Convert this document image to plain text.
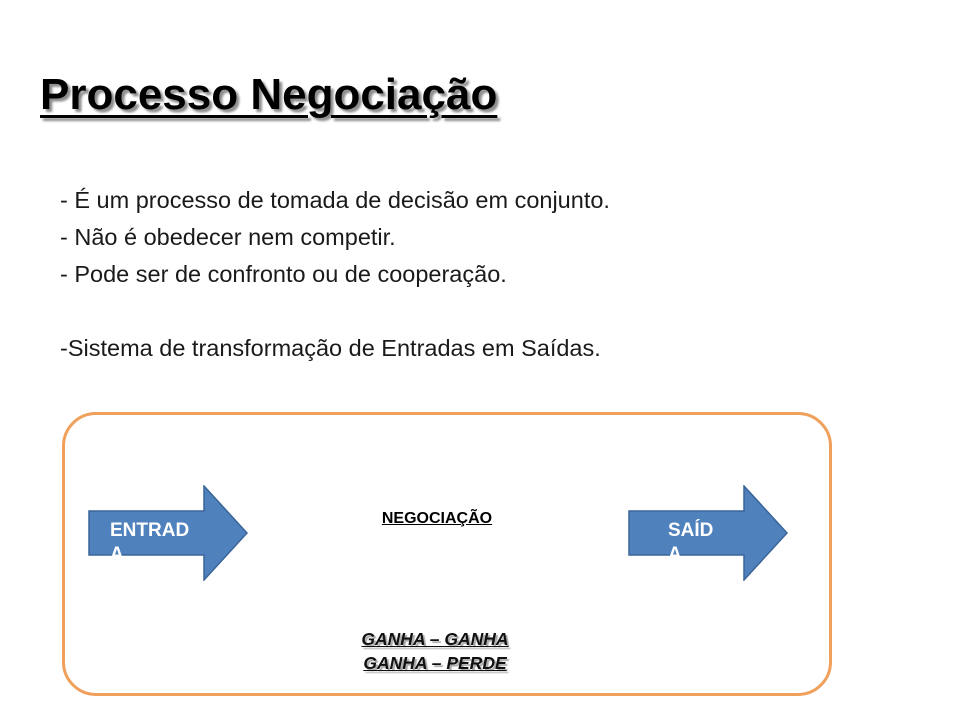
Processo Negociação
- É um processo de tomada de decisão em conjunto.
- Não é obedecer nem competir.
- Pode ser de confronto ou de cooperação.
-Sistema de transformação de Entradas em Saídas.
ENTRADA
NEGOCIAÇÃO
SAÍDA
GANHA – GANHA
GANHA – PERDE
